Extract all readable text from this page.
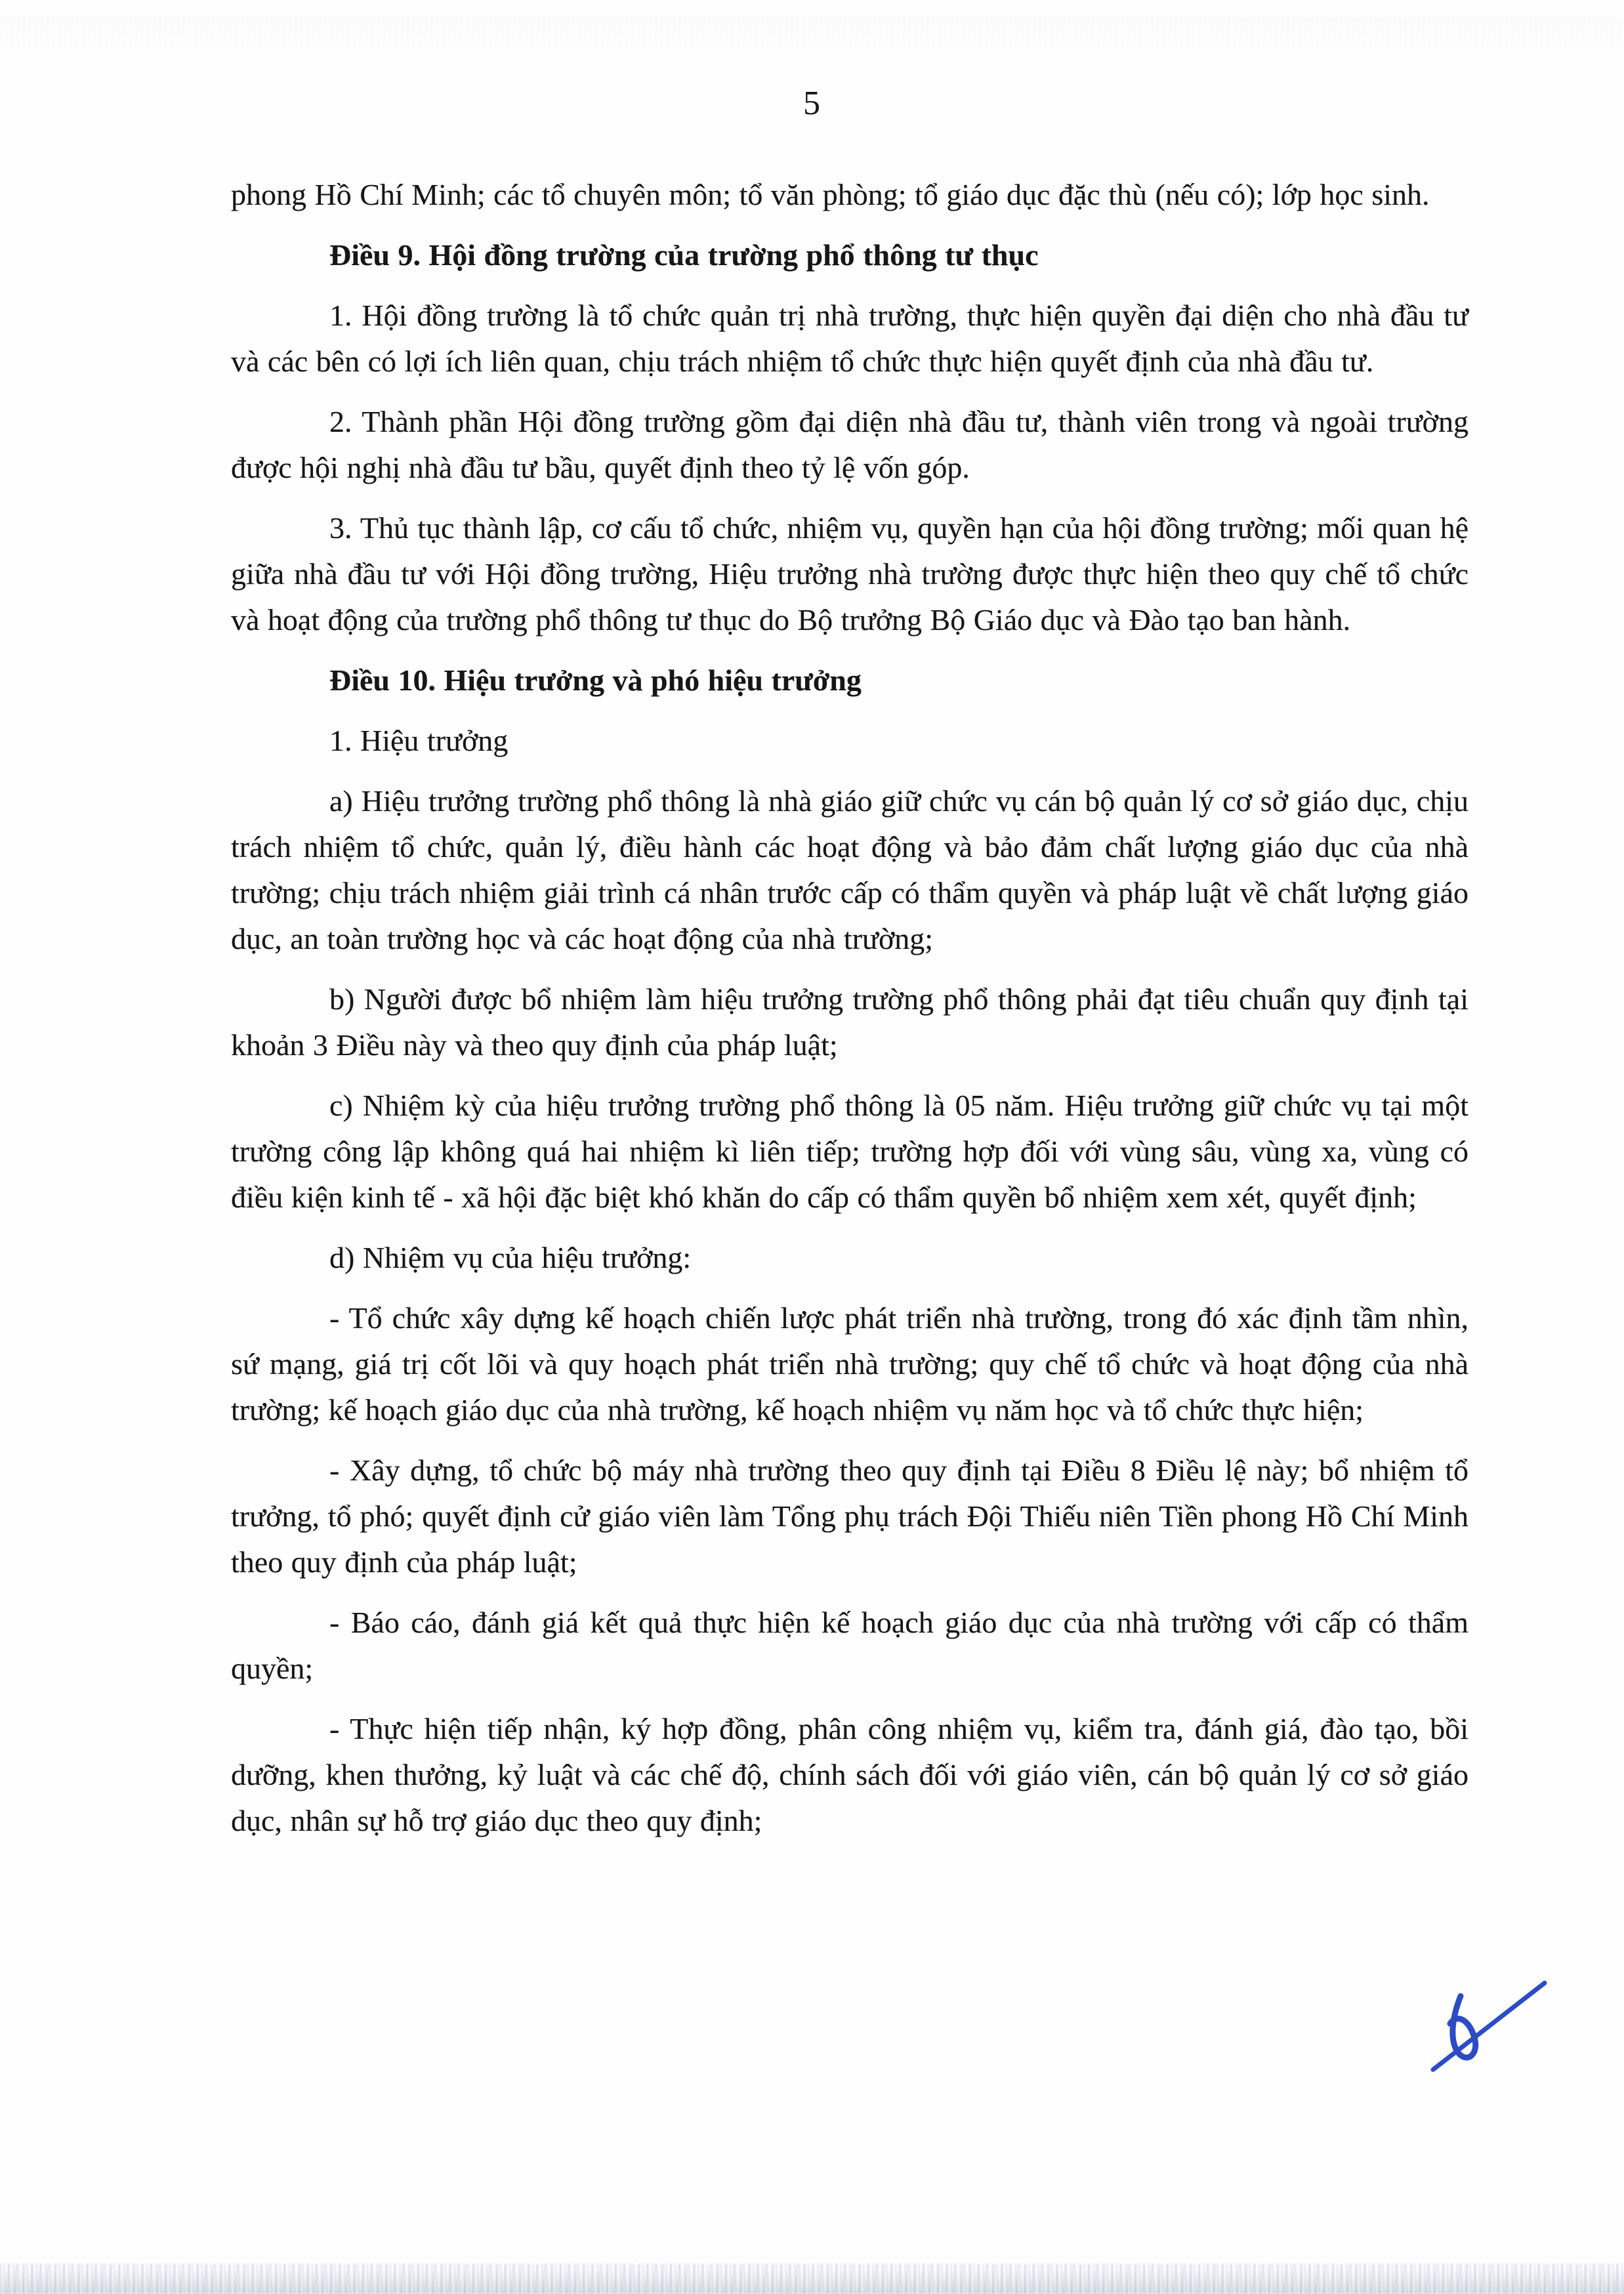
5

phong Hồ Chí Minh; các tổ chuyên môn; tổ văn phòng; tổ giáo dục đặc thù (nếu có); lớp học sinh.

Điều 9. Hội đồng trường của trường phổ thông tư thục

1. Hội đồng trường là tổ chức quản trị nhà trường, thực hiện quyền đại diện cho nhà đầu tư và các bên có lợi ích liên quan, chịu trách nhiệm tổ chức thực hiện quyết định của nhà đầu tư.

2. Thành phần Hội đồng trường gồm đại diện nhà đầu tư, thành viên trong và ngoài trường được hội nghị nhà đầu tư bầu, quyết định theo tỷ lệ vốn góp.

3. Thủ tục thành lập, cơ cấu tổ chức, nhiệm vụ, quyền hạn của hội đồng trường; mối quan hệ giữa nhà đầu tư với Hội đồng trường, Hiệu trưởng nhà trường được thực hiện theo quy chế tổ chức và hoạt động của trường phổ thông tư thục do Bộ trưởng Bộ Giáo dục và Đào tạo ban hành.

Điều 10. Hiệu trưởng và phó hiệu trưởng

1. Hiệu trưởng

a) Hiệu trưởng trường phổ thông là nhà giáo giữ chức vụ cán bộ quản lý cơ sở giáo dục, chịu trách nhiệm tổ chức, quản lý, điều hành các hoạt động và bảo đảm chất lượng giáo dục của nhà trường; chịu trách nhiệm giải trình cá nhân trước cấp có thẩm quyền và pháp luật về chất lượng giáo dục, an toàn trường học và các hoạt động của nhà trường;

b) Người được bổ nhiệm làm hiệu trưởng trường phổ thông phải đạt tiêu chuẩn quy định tại khoản 3 Điều này và theo quy định của pháp luật;

c) Nhiệm kỳ của hiệu trưởng trường phổ thông là 05 năm. Hiệu trưởng giữ chức vụ tại một trường công lập không quá hai nhiệm kì liên tiếp; trường hợp đối với vùng sâu, vùng xa, vùng có điều kiện kinh tế - xã hội đặc biệt khó khăn do cấp có thẩm quyền bổ nhiệm xem xét, quyết định;

d) Nhiệm vụ của hiệu trưởng:

- Tổ chức xây dựng kế hoạch chiến lược phát triển nhà trường, trong đó xác định tầm nhìn, sứ mạng, giá trị cốt lõi và quy hoạch phát triển nhà trường; quy chế tổ chức và hoạt động của nhà trường; kế hoạch giáo dục của nhà trường, kế hoạch nhiệm vụ năm học và tổ chức thực hiện;

- Xây dựng, tổ chức bộ máy nhà trường theo quy định tại Điều 8 Điều lệ này; bổ nhiệm tổ trưởng, tổ phó; quyết định cử giáo viên làm Tổng phụ trách Đội Thiếu niên Tiền phong Hồ Chí Minh theo quy định của pháp luật;

- Báo cáo, đánh giá kết quả thực hiện kế hoạch giáo dục của nhà trường với cấp có thẩm quyền;

- Thực hiện tiếp nhận, ký hợp đồng, phân công nhiệm vụ, kiểm tra, đánh giá, đào tạo, bồi dưỡng, khen thưởng, kỷ luật và các chế độ, chính sách đối với giáo viên, cán bộ quản lý cơ sở giáo dục, nhân sự hỗ trợ giáo dục theo quy định;
